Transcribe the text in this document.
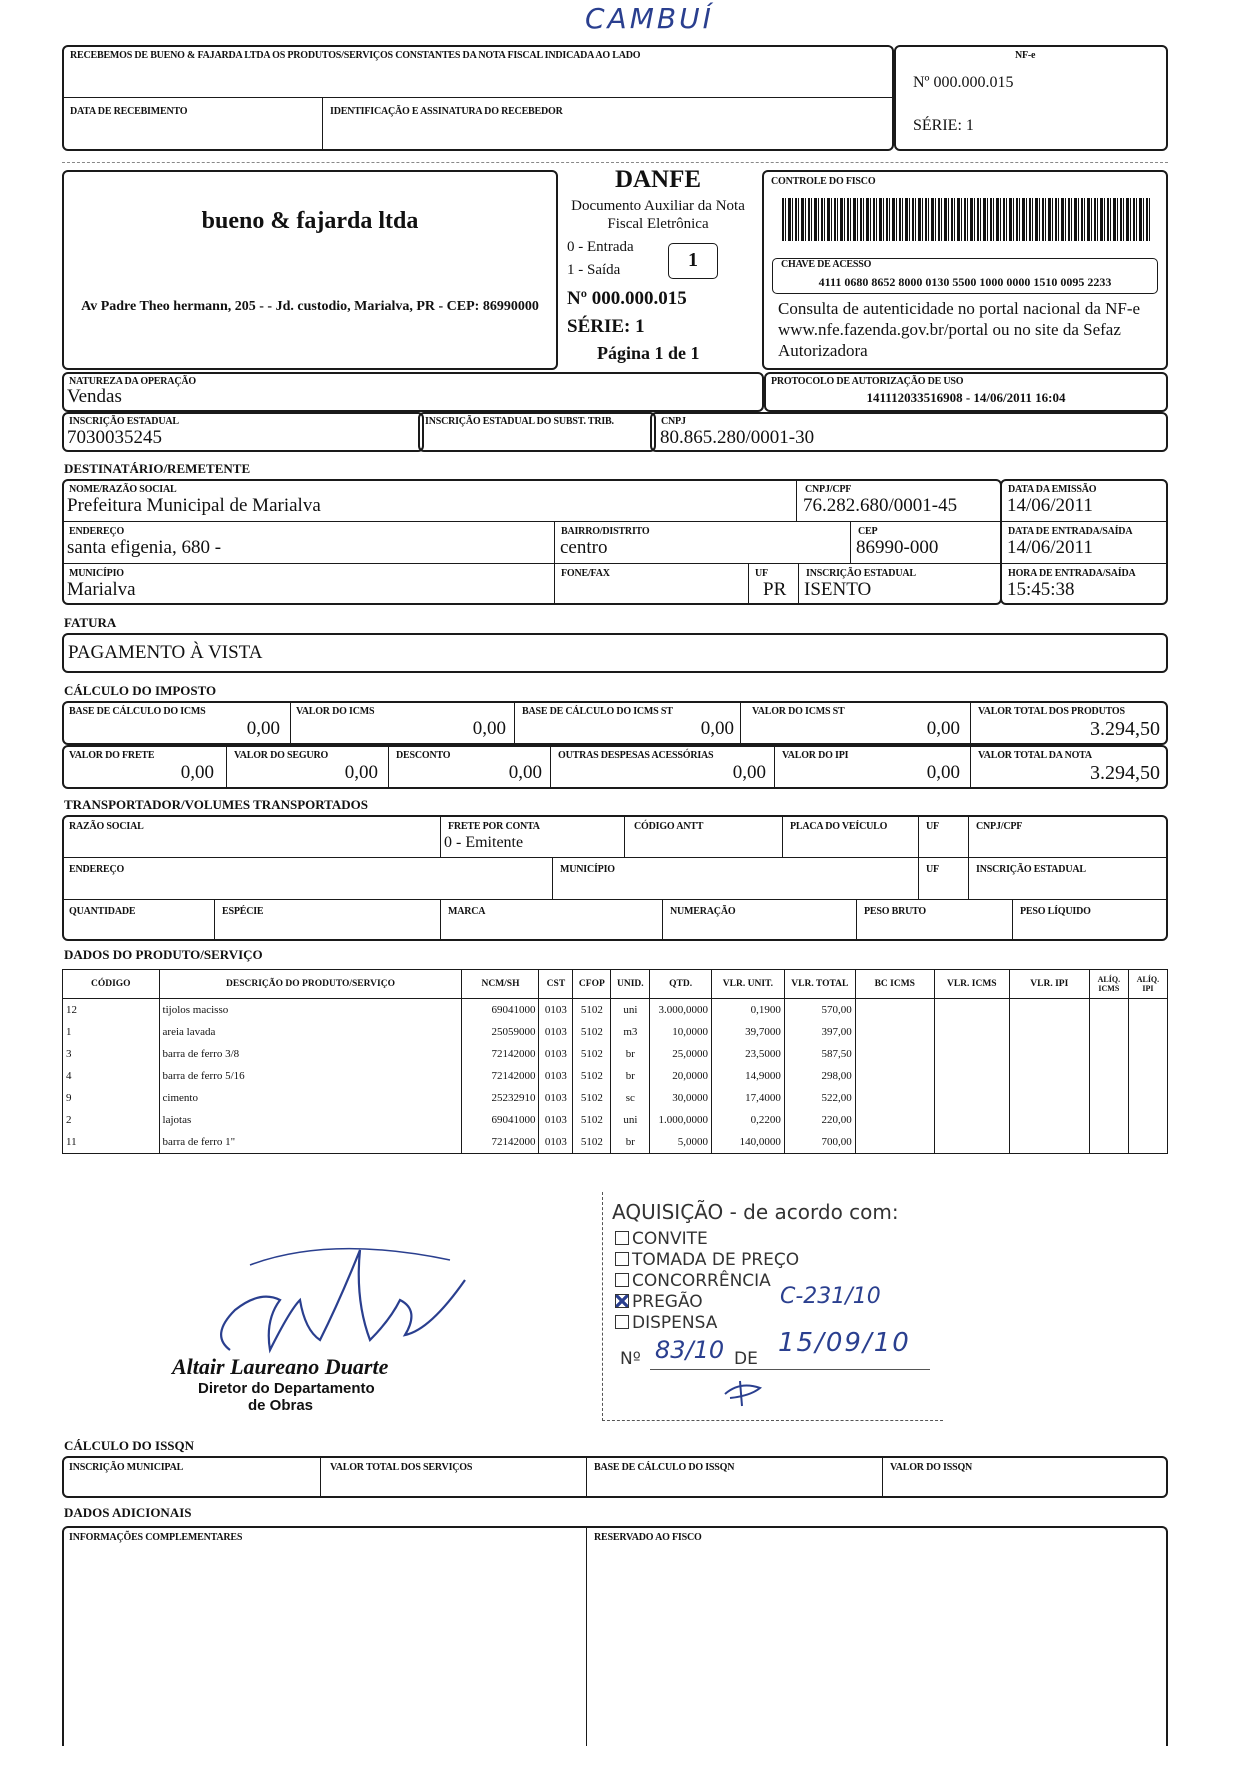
CAMBUÍ
RECEBEMOS DE BUENO & FAJARDA LTDA OS PRODUTOS/SERVIÇOS CONSTANTES DA NOTA FISCAL INDICADA AO LADO
DATA DE RECEBIMENTO	IDENTIFICAÇÃO E ASSINATURA DO RECEBEDOR
NF-e
Nº 000.000.015
SÉRIE: 1
bueno & fajarda ltda
Av Padre Theo hermann, 205 - - Jd. custodio, Marialva, PR - CEP: 86990000
DANFE
Documento Auxiliar da Nota Fiscal Eletrônica
0 - Entrada
1 - Saída	1
Nº 000.000.015
SÉRIE: 1
Página 1 de 1
CONTROLE DO FISCO
CHAVE DE ACESSO
4111 0680 8652 8000 0130 5500 1000 0000 1510 0095 2233
Consulta de autenticidade no portal nacional da NF-e www.nfe.fazenda.gov.br/portal ou no site da Sefaz Autorizadora
NATUREZA DA OPERAÇÃO
Vendas
PROTOCOLO DE AUTORIZAÇÃO DE USO
141112033516908 - 14/06/2011 16:04
INSCRIÇÃO ESTADUAL
7030035245
INSCRIÇÃO ESTADUAL DO SUBST. TRIB.	CNPJ
80.865.280/0001-30
DESTINATÁRIO/REMETENTE
NOME/RAZÃO SOCIAL
Prefeitura Municipal de Marialva
CNPJ/CPF
76.282.680/0001-45
ENDEREÇO
santa efigenia, 680 -
BAIRRO/DISTRITO
centro
CEP
86990-000
MUNICÍPIO
Marialva
FONE/FAX	UF
PR
INSCRIÇÃO ESTADUAL
ISENTO
DATA DA EMISSÃO
14/06/2011
DATA DE ENTRADA/SAÍDA
14/06/2011
HORA DE ENTRADA/SAÍDA
15:45:38
FATURA
PAGAMENTO À VISTA
CÁLCULO DO IMPOSTO
BASE DE CÁLCULO DO ICMS
0,00
VALOR DO ICMS
0,00
BASE DE CÁLCULO DO ICMS ST
0,00
VALOR DO ICMS ST
0,00
VALOR TOTAL DOS PRODUTOS
3.294,50
VALOR DO FRETE
0,00
VALOR DO SEGURO
0,00
DESCONTO
0,00
OUTRAS DESPESAS ACESSÓRIAS
0,00
VALOR DO IPI
0,00
VALOR TOTAL DA NOTA
3.294,50
TRANSPORTADOR/VOLUMES TRANSPORTADOS
RAZÃO SOCIAL	FRETE POR CONTA
0 - Emitente
CÓDIGO ANTT	PLACA DO VEÍCULO	UF	CNPJ/CPF
ENDEREÇO	MUNICÍPIO	UF	INSCRIÇÃO ESTADUAL
QUANTIDADE	ESPÉCIE	MARCA	NUMERAÇÃO	PESO BRUTO	PESO LÍQUIDO
DADOS DO PRODUTO/SERVIÇO
CÓDIGO	DESCRIÇÃO DO PRODUTO/SERVIÇO	NCM/SH	CST	CFOP	UNID.	QTD.	VLR. UNIT.	VLR. TOTAL	BC ICMS	VLR. ICMS	VLR. IPI	ALÍQ. ICMS	ALÍQ. IPI
12	tijolos macisso	69041000	0103	5102	uni	3.000,0000	0,1900	570,00					
1	areia lavada	25059000	0103	5102	m3	10,0000	39,7000	397,00					
3	barra de ferro 3/8	72142000	0103	5102	br	25,0000	23,5000	587,50					
4	barra de ferro 5/16	72142000	0103	5102	br	20,0000	14,9000	298,00					
9	cimento	25232910	0103	5102	sc	30,0000	17,4000	522,00					
2	lajotas	69041000	0103	5102	uni	1.000,0000	0,2200	220,00					
11	barra de ferro 1"	72142000	0103	5102	br	5,0000	140,0000	700,00					
AQUISIÇÃO - de acordo com:
CONVITE
TOMADA DE PREÇO
CONCORRÊNCIA
PREGÃO	C-231/10
DISPENSA
Nº 83/10 DE
15/09/10
Altair Laureano Duarte
Diretor do Departamento
de Obras
CÁLCULO DO ISSQN
INSCRIÇÃO MUNICIPAL	VALOR TOTAL DOS SERVIÇOS	BASE DE CÁLCULO DO ISSQN	VALOR DO ISSQN
DADOS ADICIONAIS
INFORMAÇÕES COMPLEMENTARES	RESERVADO AO FISCO
